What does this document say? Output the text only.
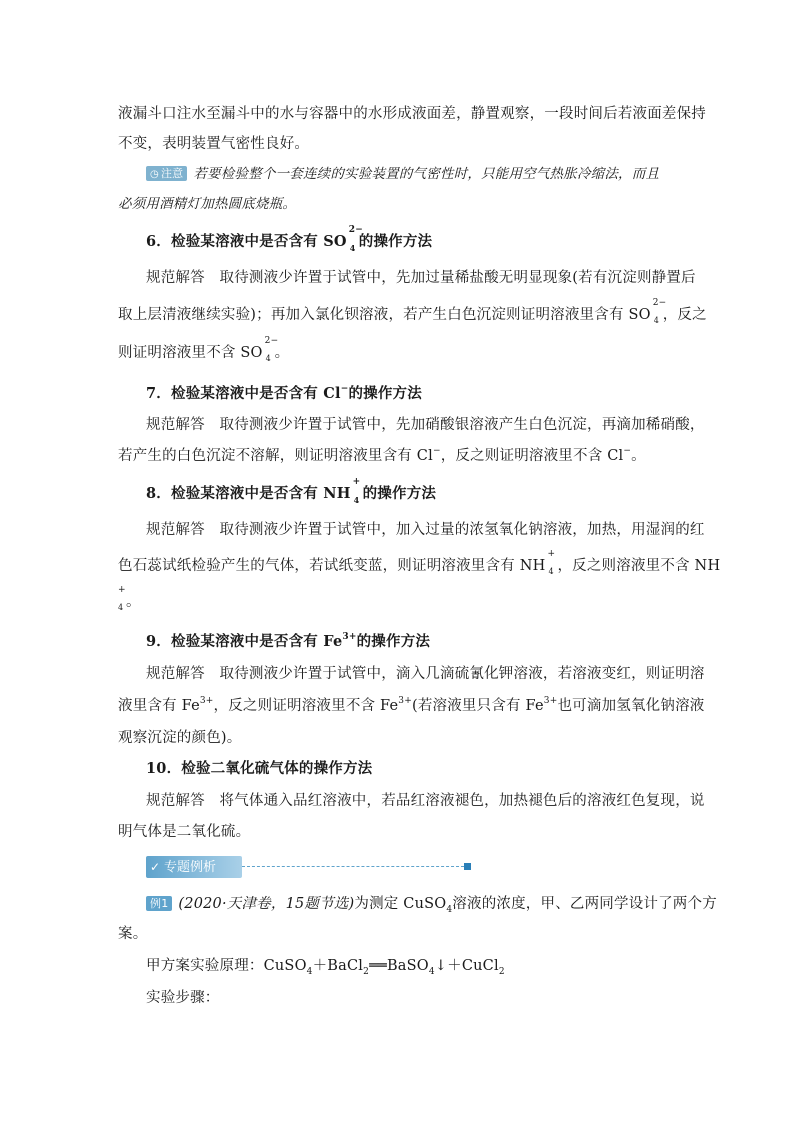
液漏斗口注水至漏斗中的水与容器中的水形成液面差，静置观察，一段时间后若液面差保持
不变，表明装置气密性良好。
◷ 注意 若要检验整个一套连续的实验装置的气密性时，只能用空气热胀冷缩法，而且
必须用酒精灯加热圆底烧瓶。
6．检验某溶液中是否含有 SO
2−
4 的操作方法
规范解答　取待测液少许置于试管中，先加过量稀盐酸无明显现象(若有沉淀则静置后
取上层清液继续实验)；再加入氯化钡溶液，若产生白色沉淀则证明溶液里含有 SO
2−
4 ，反之
则证明溶液里不含 SO
2−
4 。
7．检验某溶液中是否含有 Cl−的操作方法
规范解答　取待测液少许置于试管中，先加硝酸银溶液产生白色沉淀，再滴加稀硝酸，
若产生的白色沉淀不溶解，则证明溶液里含有 Cl−，反之则证明溶液里不含 Cl−。
8．检验某溶液中是否含有 NH
+
4 的操作方法
规范解答　取待测液少许置于试管中，加入过量的浓氢氧化钠溶液，加热，用湿润的红
色石蕊试纸检验产生的气体，若试纸变蓝，则证明溶液里含有 NH
+
4 ，反之则溶液里不含 NH
+
4 。
9．检验某溶液中是否含有 $Fe^{3+}$的操作方法
规范解答　取待测液少许置于试管中，滴入几滴硫氰化钾溶液，若溶液变红，则证明溶
液里含有 $Fe^{3+}$，反之则证明溶液里不含 $Fe^{3+}$(若溶液里只含有 $Fe^{3+}$也可滴加氢氧化钠溶液
观察沉淀的颜色)。
10．检验二氧化硫气体的操作方法
规范解答　将气体通入品红溶液中，若品红溶液褪色，加热褪色后的溶液红色复现，说
明气体是二氧化硫。
✓ 专题例析
例1 (2020·天津卷，15题节选)为测定 CuSO$_4$溶液的浓度，甲、乙两同学设计了两个方
案。
甲方案实验原理：CuSO$_4$＋BaCl$_2$══BaSO$_4$↓＋CuCl$_2$
实验步骤：
